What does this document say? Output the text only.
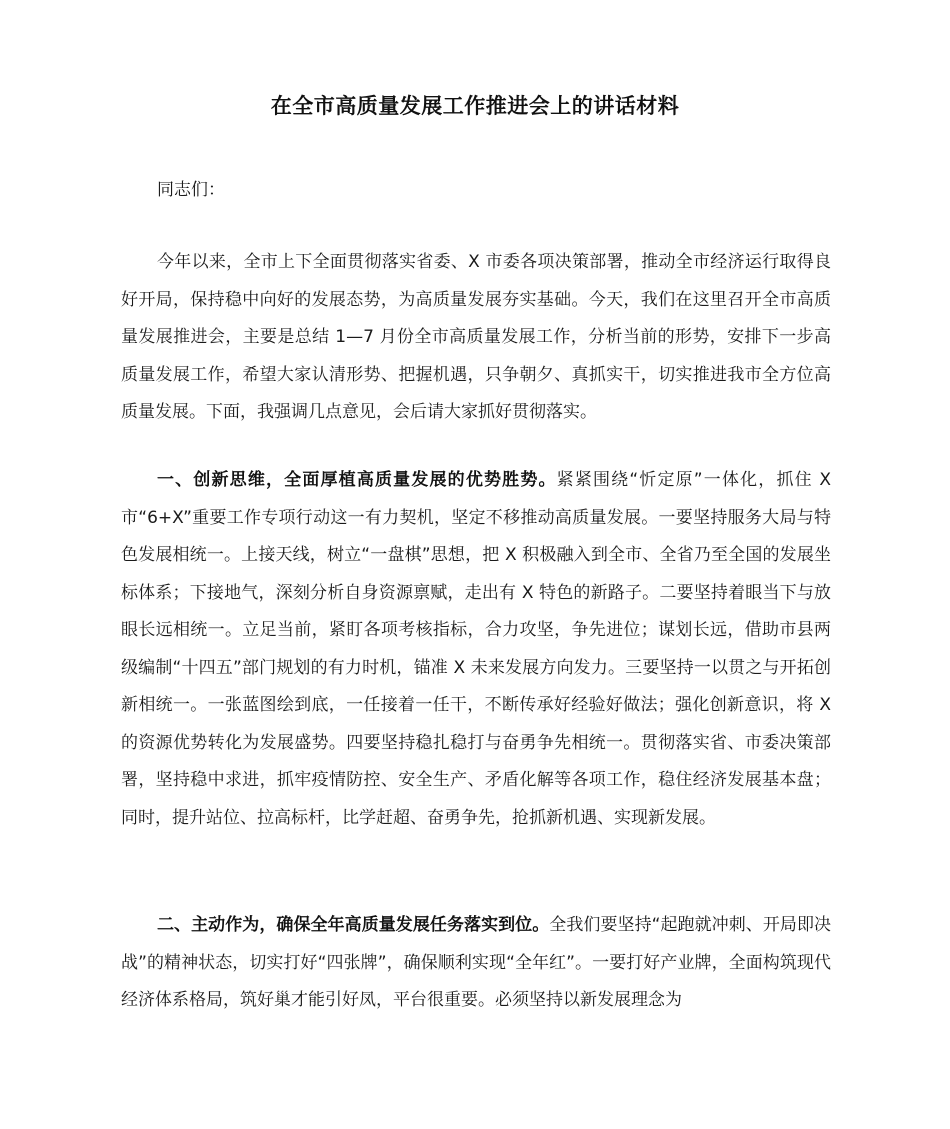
在全市高质量发展工作推进会上的讲话材料

同志们：

今年以来，全市上下全面贯彻落实省委、X 市委各项决策部署，推动全市经济运行取得良好开局，保持稳中向好的发展态势，为高质量发展夯实基础。今天，我们在这里召开全市高质量发展推进会，主要是总结 1—7 月份全市高质量发展工作，分析当前的形势，安排下一步高质量发展工作，希望大家认清形势、把握机遇，只争朝夕、真抓实干，切实推进我市全方位高质量发展。下面，我强调几点意见，会后请大家抓好贯彻落实。

一、创新思维，全面厚植高质量发展的优势胜势。紧紧围绕“忻定原”一体化，抓住 X 市“6+X”重要工作专项行动这一有力契机，坚定不移推动高质量发展。一要坚持服务大局与特色发展相统一。上接天线，树立“一盘棋”思想，把 X 积极融入到全市、全省乃至全国的发展坐标体系；下接地气，深刻分析自身资源禀赋，走出有 X 特色的新路子。二要坚持着眼当下与放眼长远相统一。立足当前，紧盯各项考核指标，合力攻坚，争先进位；谋划长远，借助市县两级编制“十四五”部门规划的有力时机，锚准 X 未来发展方向发力。三要坚持一以贯之与开拓创新相统一。一张蓝图绘到底，一任接着一任干，不断传承好经验好做法；强化创新意识，将 X 的资源优势转化为发展盛势。四要坚持稳扎稳打与奋勇争先相统一。贯彻落实省、市委决策部署，坚持稳中求进，抓牢疫情防控、安全生产、矛盾化解等各项工作，稳住经济发展基本盘；同时，提升站位、拉高标杆，比学赶超、奋勇争先，抢抓新机遇、实现新发展。

二、主动作为，确保全年高质量发展任务落实到位。全我们要坚持“起跑就冲刺、开局即决战”的精神状态，切实打好“四张牌”，确保顺利实现“全年红”。一要打好产业牌，全面构筑现代经济体系格局，筑好巢才能引好凤，平台很重要。必须坚持以新发展理念为
